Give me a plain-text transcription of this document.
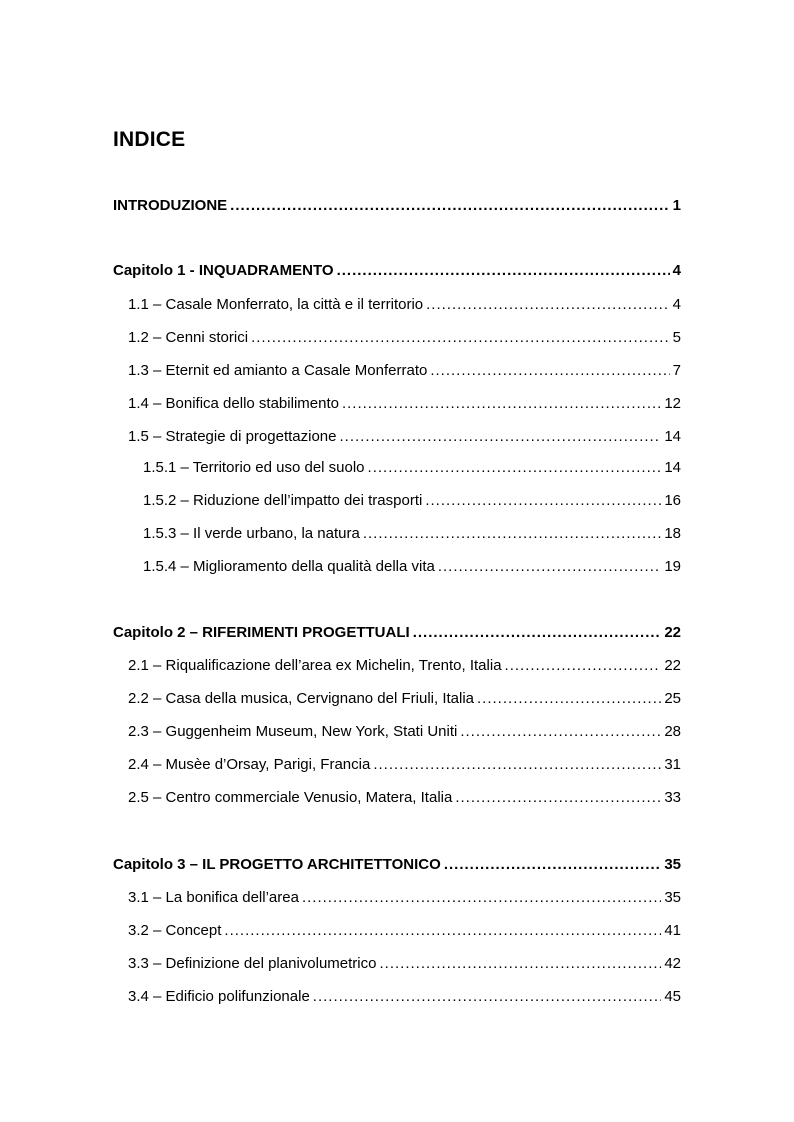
INDICE
INTRODUZIONE .....	1
Capitolo 1 - INQUADRAMENTO .....	4
1.1 – Casale Monferrato, la città e il territorio .....	4
1.2 – Cenni storici .....	5
1.3 – Eternit ed amianto a Casale Monferrato .....	7
1.4 – Bonifica dello stabilimento .....	12
1.5 – Strategie di progettazione .....	14
1.5.1 – Territorio ed uso del suolo .....	14
1.5.2 – Riduzione dell’impatto dei trasporti .....	16
1.5.3 – Il verde urbano, la natura .....	18
1.5.4 – Miglioramento della qualità della vita .....	19
Capitolo 2 – RIFERIMENTI PROGETTUALI .....	22
2.1 – Riqualificazione dell’area ex Michelin, Trento, Italia .....	22
2.2 – Casa della musica, Cervignano del Friuli, Italia .....	25
2.3 – Guggenheim Museum, New York, Stati Uniti .....	28
2.4 – Musèe d’Orsay, Parigi, Francia .....	31
2.5 – Centro commerciale Venusio, Matera, Italia .....	33
Capitolo 3 – IL PROGETTO ARCHITETTONICO .....	35
3.1 – La bonifica dell’area .....	35
3.2 – Concept .....	41
3.3 – Definizione del planivolumetrico .....	42
3.4 – Edificio polifunzionale .....	45
